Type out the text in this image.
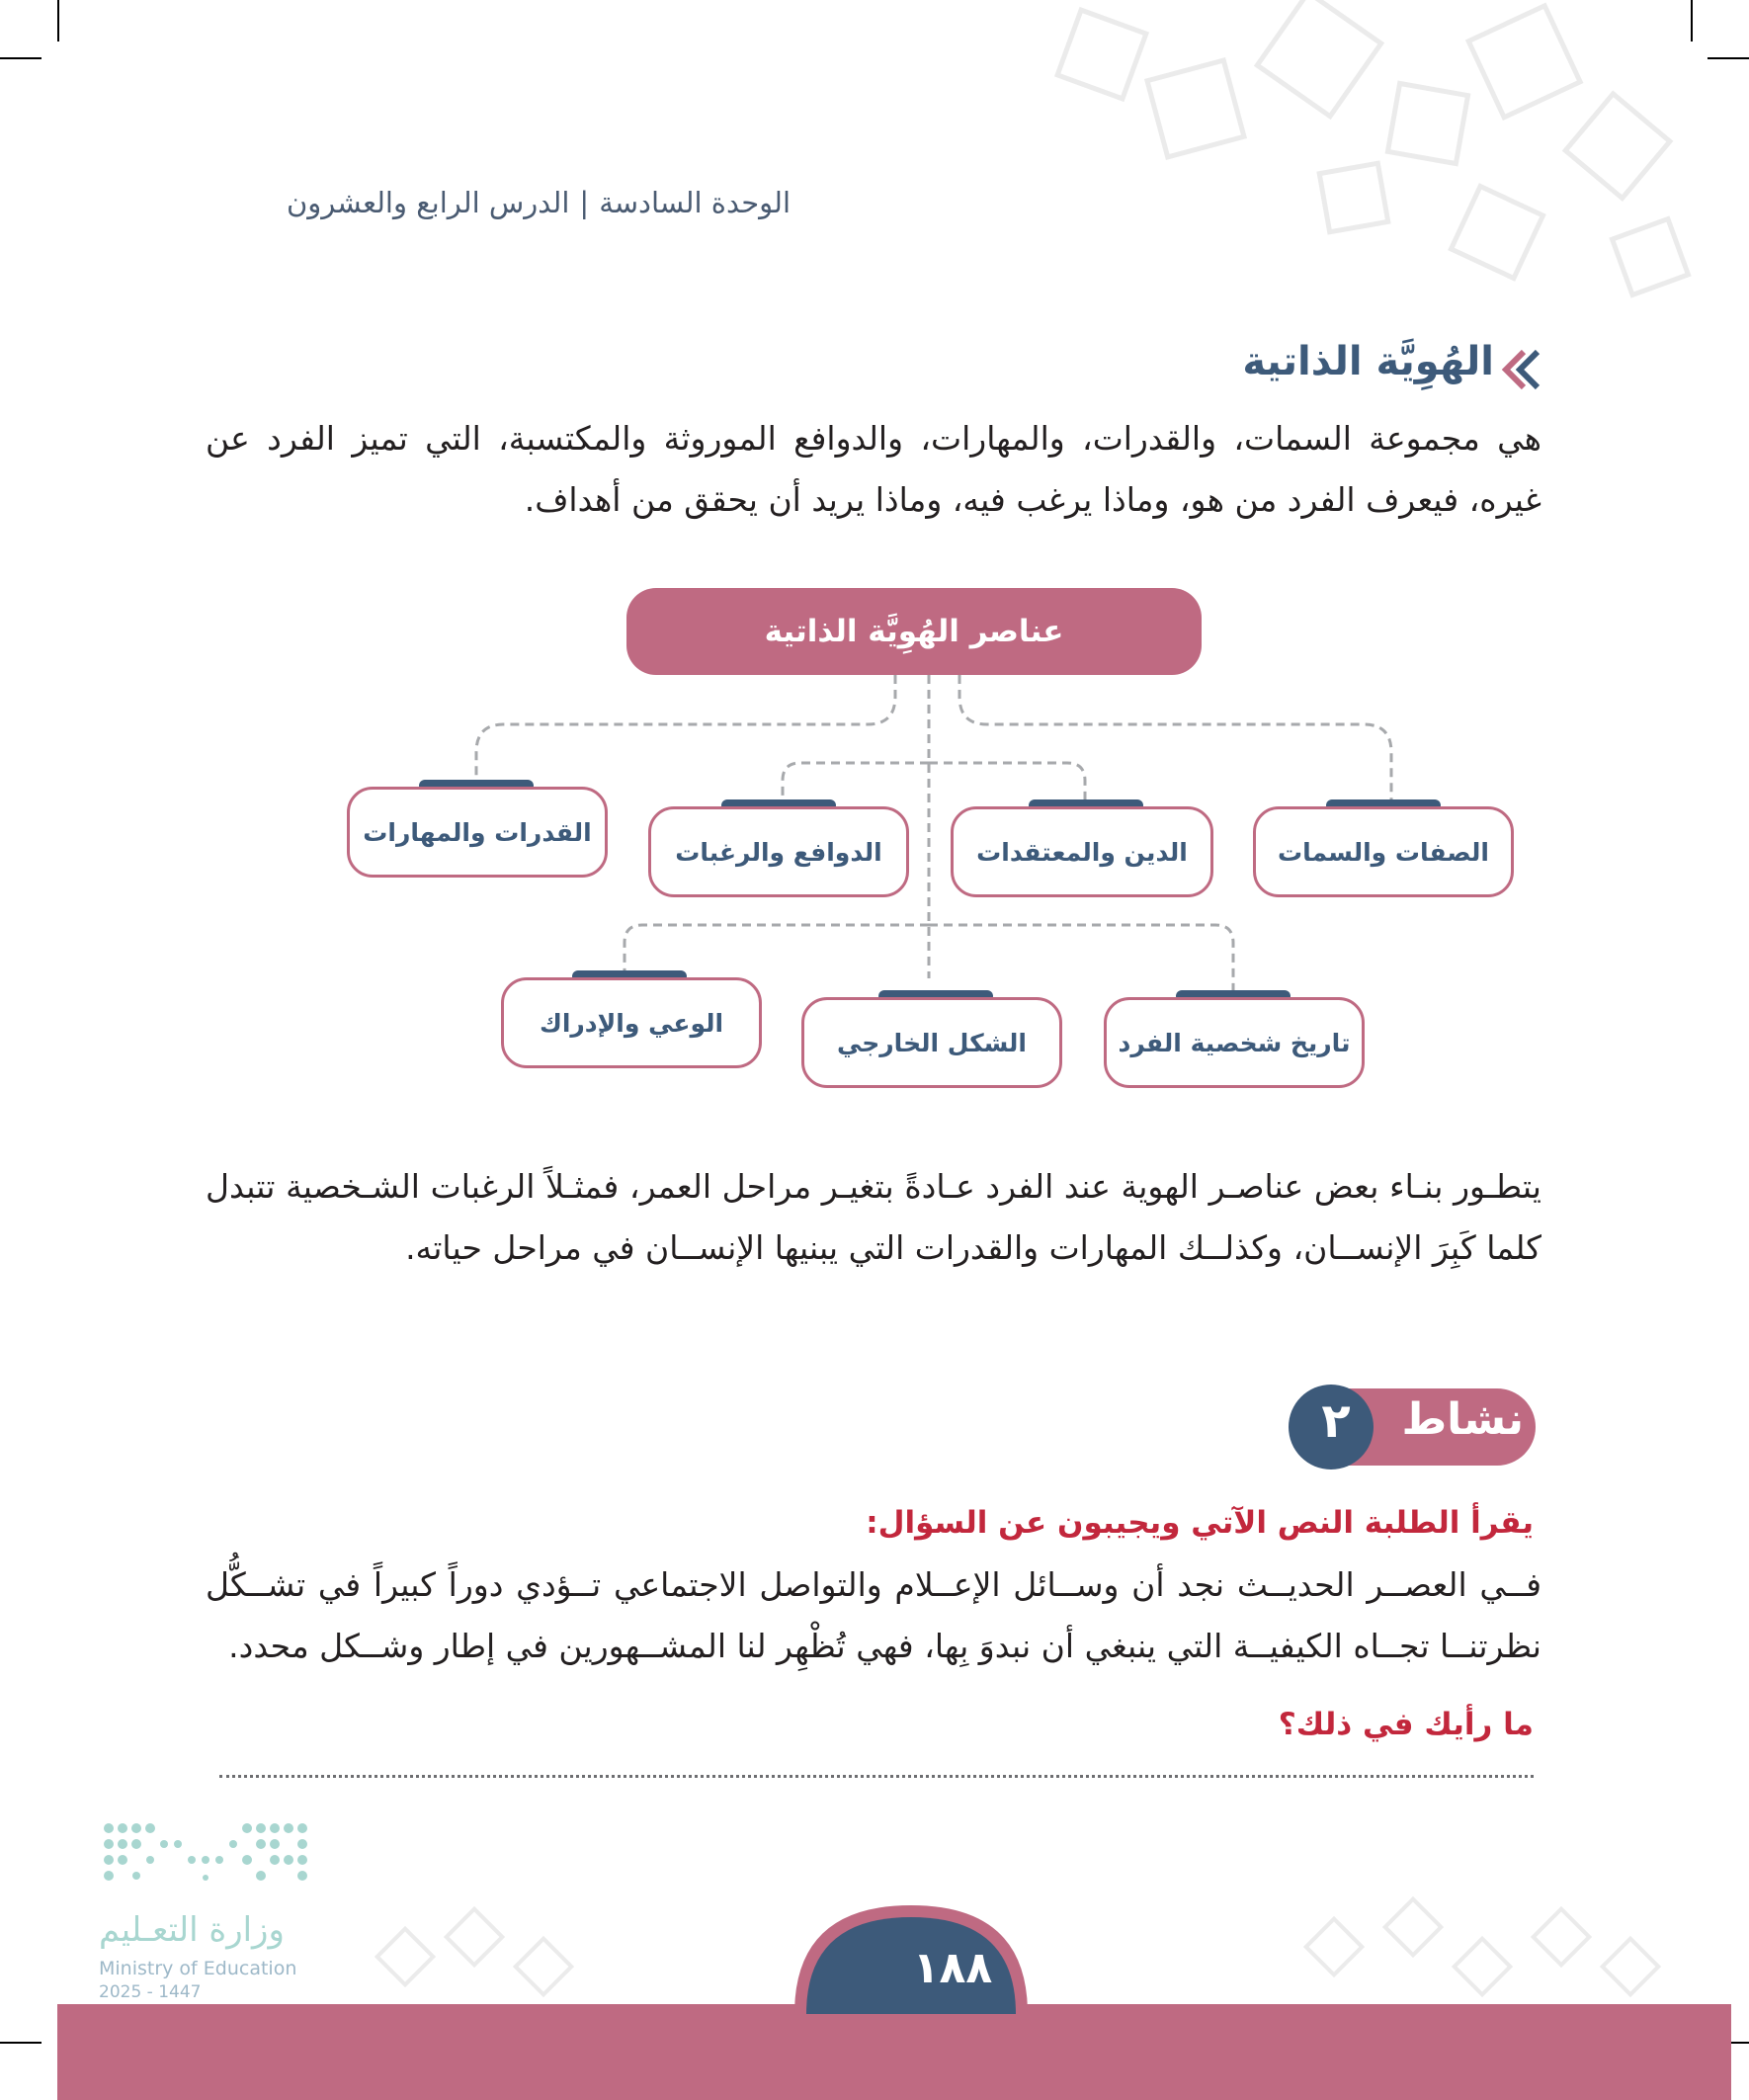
الوحدة السادسة|الدرس الرابع والعشرون
الهُوِيَّة الذاتية
هي مجموعة السمات، والقدرات، والمهارات، والدوافع الموروثة والمكتسبة، التي تميز الفرد عن غيره، فيعرف الفرد من هو، وماذا يرغب فيه، وماذا يريد أن يحقق من أهداف.
عناصر الهُوِيَّة الذاتية
الصفات والسمات
الدين والمعتقدات
الدوافع والرغبات
القدرات والمهارات
تاريخ شخصية الفرد
الشكل الخارجي
الوعي والإدراك
يتطـور بنـاء بعض عناصـر الهوية عند الفرد عـادةً بتغيـر مراحل العمر، فمثـلاً الرغبات الشـخصية تتبدل كلما كَبِرَ الإنســان، وكذلــك المهارات والقدرات التي يبنيها الإنســان في مراحل حياته.
نشاط
٢
يقرأ الطلبة النص الآتي ويجيبون عن السؤال:
فــي العصــر الحديــث نجد أن وســائل الإعــلام والتواصل الاجتماعي تــؤدي دوراً كبيراً في تشــكُّل نظرتنــا تجــاه الكيفيــة التي ينبغي أن نبدوَ بِها، فهي تُظْهِر لنا المشــهورين في إطار وشــكل محدد.
ما رأيك في ذلك؟
وزارة التعـليم
Ministry of Education
2025 - 1447	١٨٨
